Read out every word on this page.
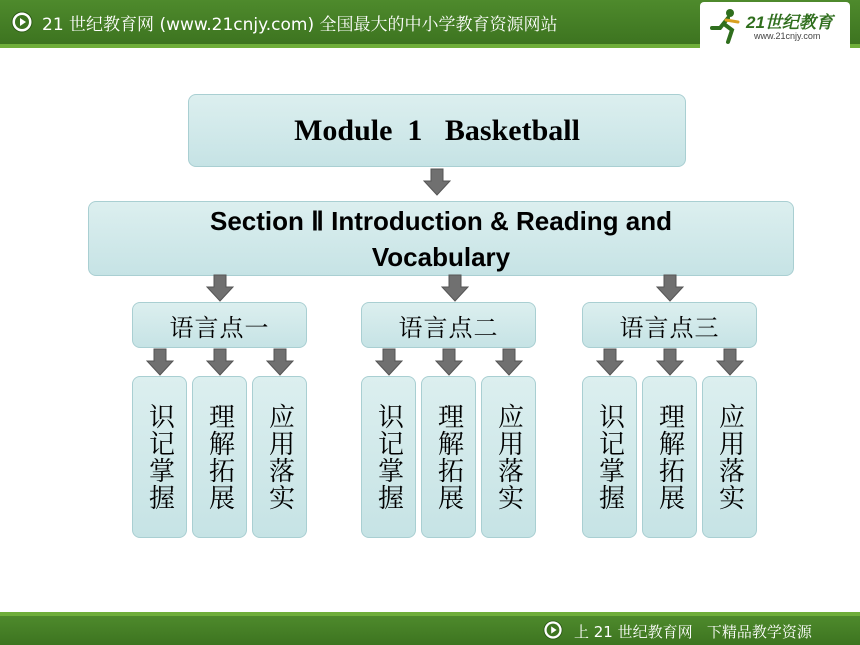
21 世纪教育网 (www.21cnjy.com) 全国最大的中小学教育资源网站	21世纪教育
www.21cnjy.com
Module  1   Basketball
Section Ⅱ Introduction & Reading and Vocabulary
语言点一	语言点二	语言点三
识记掌握	理解拓展	应用落实	识记掌握	理解拓展	应用落实	识记掌握	理解拓展	应用落实
上 21 世纪教育网   下精品教学资源
